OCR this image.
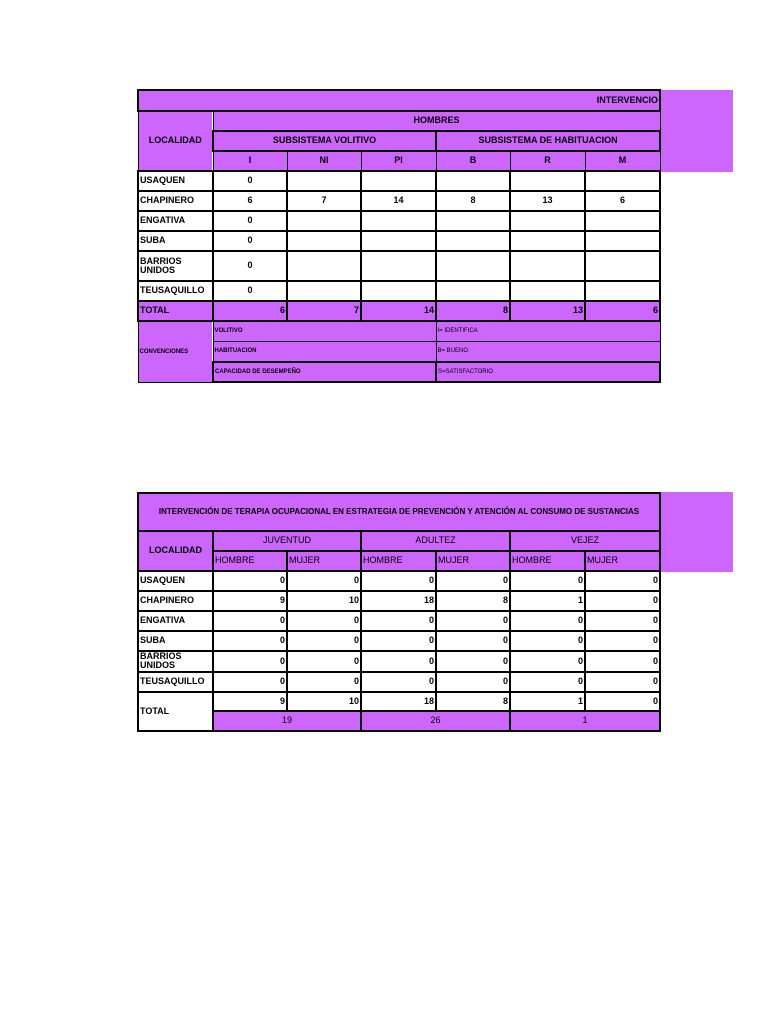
INTERVENCIO						
LOCALIDAD	HOMBRES					
	SUBSISTEMA VOLITIVO			SUBSISTEMA DE HABITUACION		
	I	NI	PI	B	R	M
USAQUEN	0					
CHAPINERO	6	7	14	8	13	6
ENGATIVA	0					
SUBA	0					
BARRIOS UNIDOS	0					
TEUSAQUILLO	0					
TOTAL	6	7	14	8	13	6
CONVENCIONES	VOLITIVO			I= IDENTIFICA		
	HABITUACION			B= BUENO		
	CAPACIDAD DE DESEMPEÑO			S=SATISFACTORIO		
INTERVENCIÓN DE TERAPIA OCUPACIONAL EN ESTRATEGIA DE PREVENCIÓN Y ATENCIÓN AL CONSUMO DE SUSTANCIAS						
LOCALIDAD	JUVENTUD		ADULTEZ		VEJEZ	
	HOMBRE	MUJER	HOMBRE	MUJER	HOMBRE	MUJER
USAQUEN	0	0	0	0	0	0
CHAPINERO	9	10	18	8	1	0
ENGATIVA	0	0	0	0	0	0
SUBA	0	0	0	0	0	0
BARRIOS UNIDOS	0	0	0	0	0	0
TEUSAQUILLO	0	0	0	0	0	0
TOTAL	9	10	18	8	1	0
	19		26		1	
